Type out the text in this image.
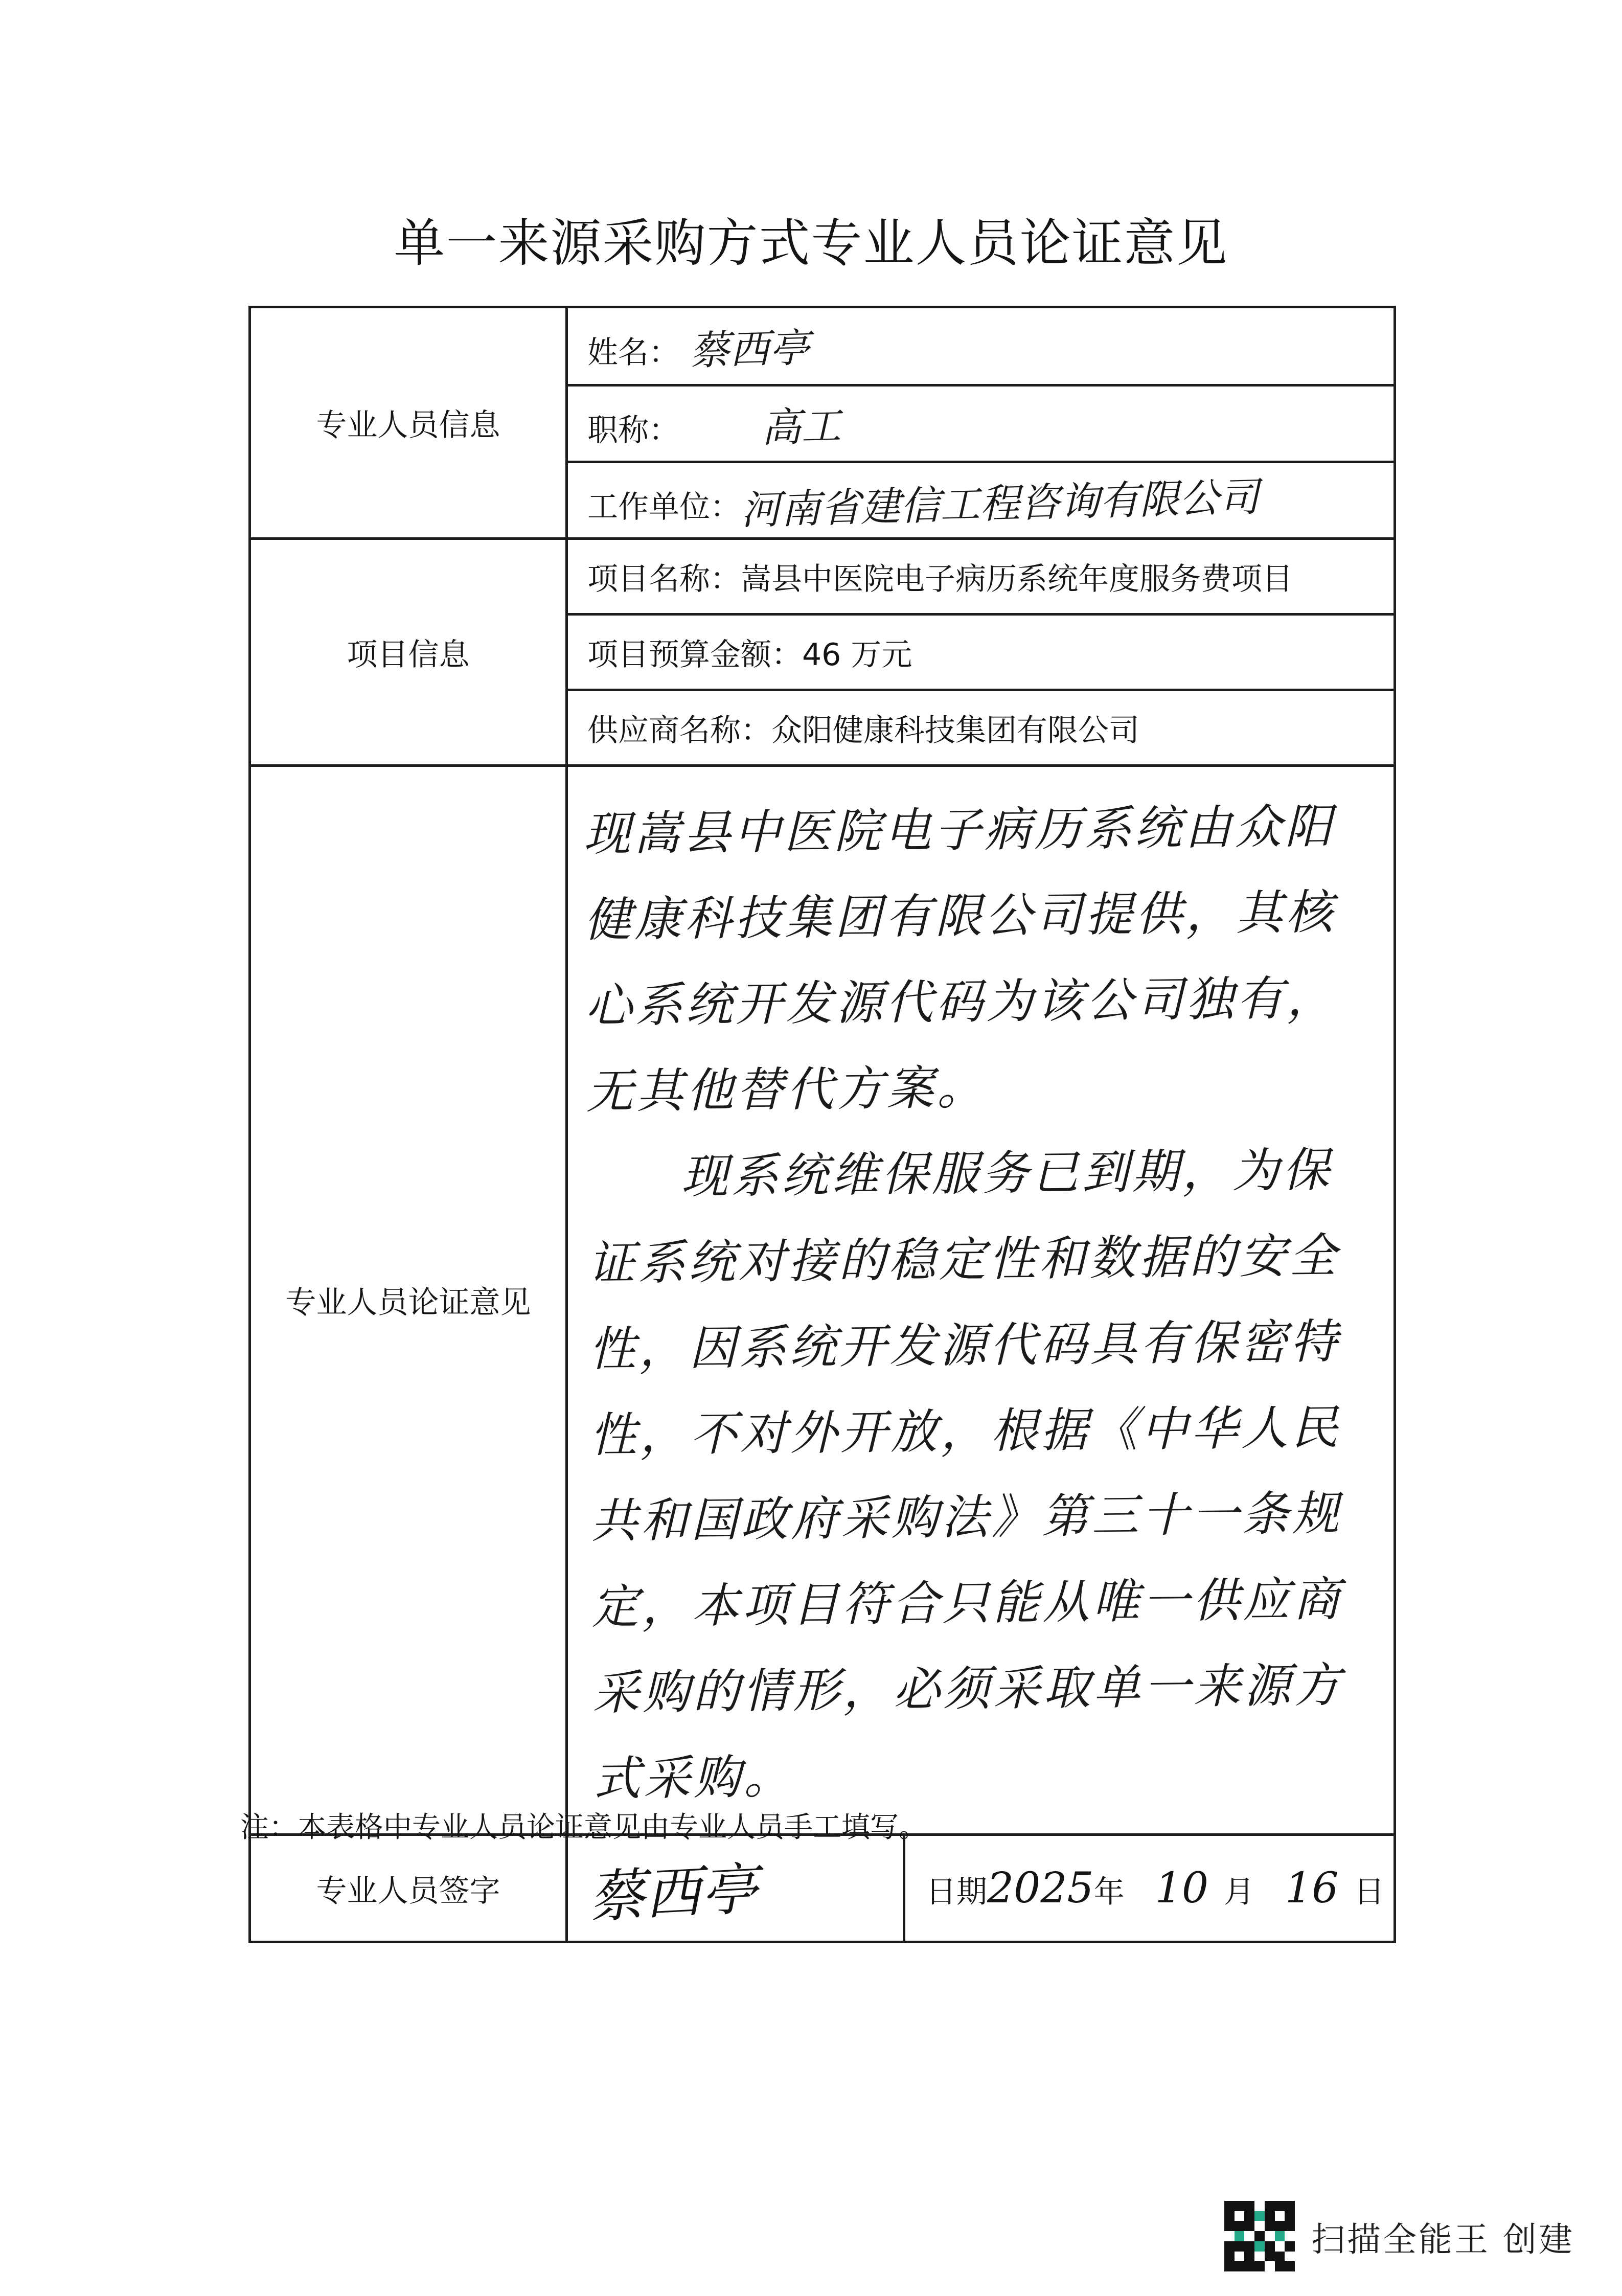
单一来源采购方式专业人员论证意见
专业人员信息	姓名： 蔡西亭	
	职称： 高工	
	工作单位：河南省建信工程咨询有限公司	
项目信息	项目名称：嵩县中医院电子病历系统年度服务费项目	
	项目预算金额：46 万元	
	供应商名称：众阳健康科技集团有限公司	
专业人员论证意见	现嵩县中医院电子病历系统由众阳健康科技集团有限公司提供，其核心系统开发源代码为该公司独有，无其他替代方案。

现系统维保服务已到期，为保证系统对接的稳定性和数据的安全性，因系统开发源代码具有保密特性，不对外开放，根据《中华人民共和国政府采购法》第三十一条规定，本项目符合只能从唯一供应商采购的情形，必须采取单一来源方式采购。	

专业人员签字	蔡西亭	日期2025年 10 月 16 日
注：本表格中专业人员论证意见由专业人员手工填写。
扫描全能王 创建
